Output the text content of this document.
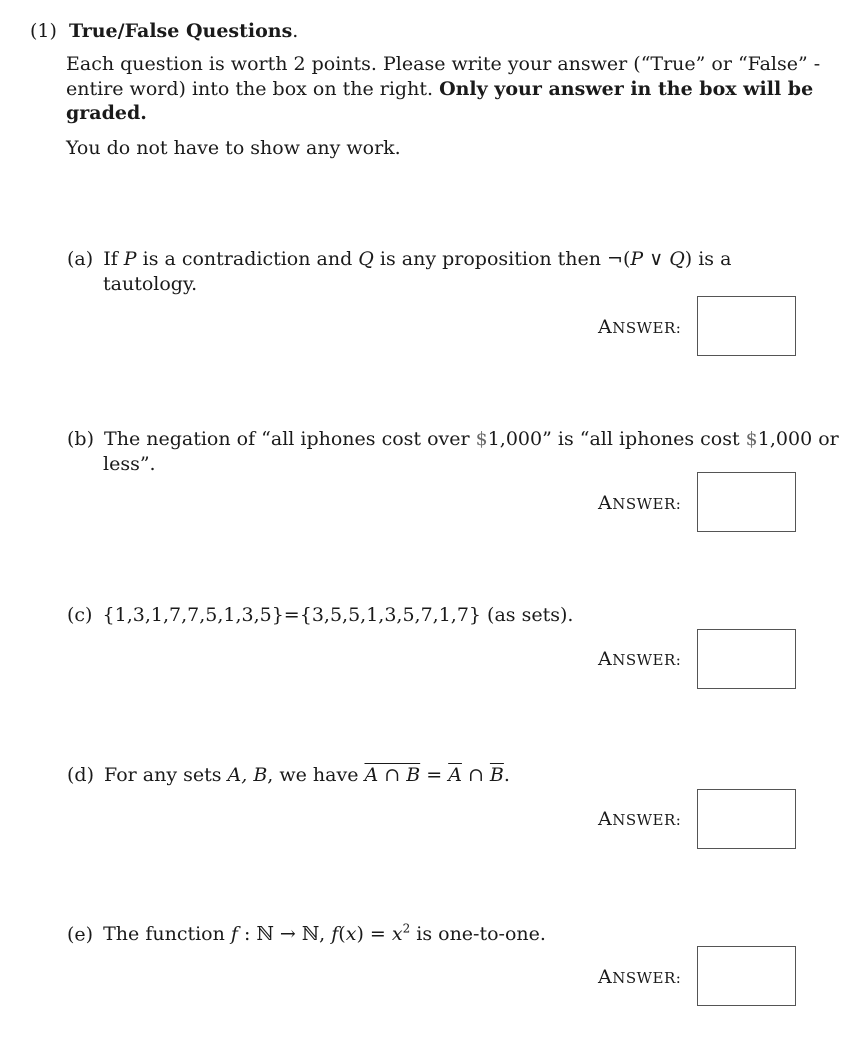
(1) True/False Questions.
Each question is worth 2 points. Please write your answer (“True” or “False” -
entire word) into the box on the right. Only your answer in the box will be
graded.
You do not have to show any work.
(a) If P is a contradiction and Q is any proposition then ¬(P ∨ Q) is a
tautology.
ANSWER:
(b) The negation of “all iphones cost over $1,000” is “all iphones cost $1,000 or
less”.
ANSWER:
(c) {1,3,1,7,7,5,1,3,5}={3,5,5,1,3,5,7,1,7} (as sets).
ANSWER:
(d) For any sets A, B, we have A ∩ $B = \overline{A}$ ∩ $\overline{B}$.
ANSWER:
(e) The function f : ℕ → ℕ, $f(x) = x^2$ is one-to-one.
ANSWER:
